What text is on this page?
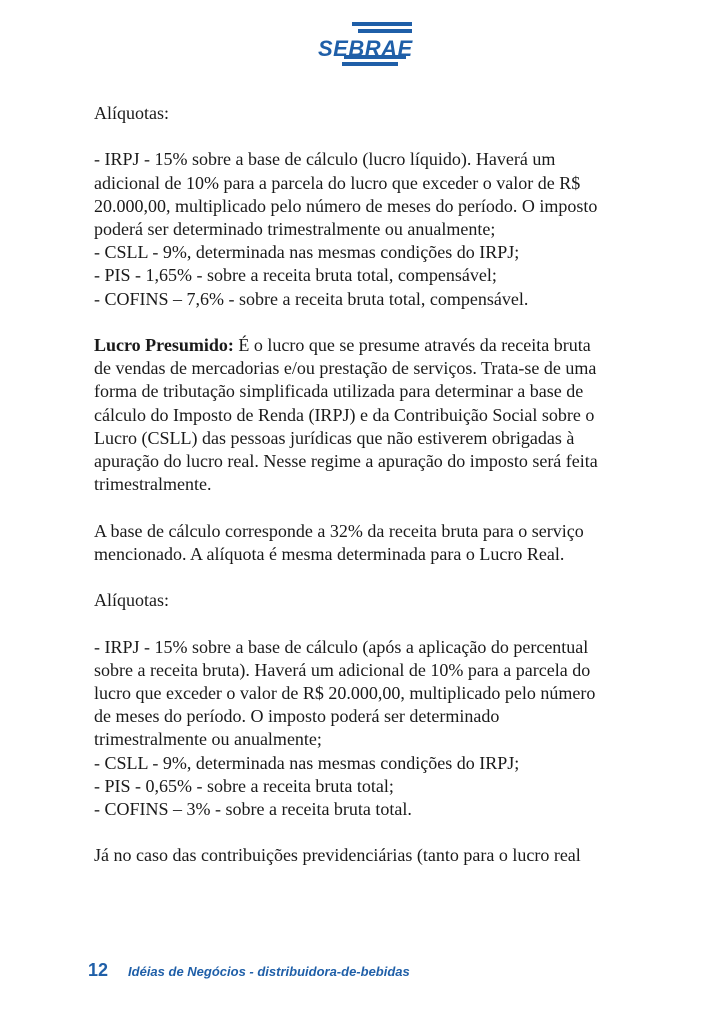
SEBRAE

Alíquotas:

- IRPJ - 15% sobre a base de cálculo (lucro líquido). Haverá um
adicional de 10% para a parcela do lucro que exceder o valor de R$
20.000,00, multiplicado pelo número de meses do período. O imposto
poderá ser determinado trimestralmente ou anualmente;
- CSLL - 9%, determinada nas mesmas condições do IRPJ;
- PIS - 1,65% - sobre a receita bruta total, compensável;
- COFINS – 7,6% - sobre a receita bruta total, compensável.

Lucro Presumido: É o lucro que se presume através da receita bruta
de vendas de mercadorias e/ou prestação de serviços. Trata-se de uma
forma de tributação simplificada utilizada para determinar a base de
cálculo do Imposto de Renda (IRPJ) e da Contribuição Social sobre o
Lucro (CSLL) das pessoas jurídicas que não estiverem obrigadas à
apuração do lucro real. Nesse regime a apuração do imposto será feita
trimestralmente.

A base de cálculo corresponde a 32% da receita bruta para o serviço
mencionado. A alíquota é mesma determinada para o Lucro Real.

Alíquotas:

- IRPJ - 15% sobre a base de cálculo (após a aplicação do percentual
sobre a receita bruta). Haverá um adicional de 10% para a parcela do
lucro que exceder o valor de R$ 20.000,00, multiplicado pelo número
de meses do período. O imposto poderá ser determinado
trimestralmente ou anualmente;
- CSLL - 9%, determinada nas mesmas condições do IRPJ;
- PIS - 0,65% - sobre a receita bruta total;
- COFINS – 3% - sobre a receita bruta total.

Já no caso das contribuições previdenciárias (tanto para o lucro real

12 Idéias de Negócios - distribuidora-de-bebidas
